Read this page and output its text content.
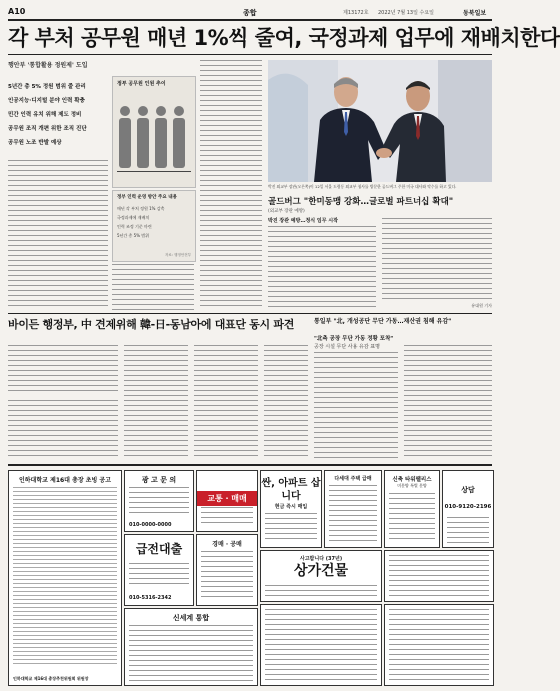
A10	종합	제13172호 2022년 7월 13일 수요일	동북일보
각 부처 공무원 매년 1%씩 줄여, 국정과제 업무에 재배치한다
행안부 '통합활용 정원제' 도입
5년간 총 5% 정원 범위 줄 관리
인공지능·디지털 분야 인력 확충
민간 인력 유치 위해 제도 정비
공무원 조직 개편 위한 조직 진단
공무원 노조 반발 예상
정부 공무원 인원 추이
정부 인력 운영 방안 주요 내용
매년 각 부처 정원 1% 감축
국정과제에 재배치
인력 조정 기준 마련
5년간 총 5% 범위
자료: 행정안전부
박진 외교부 장관(오른쪽)이 12일 서울 도렴동 외교부 청사를 방문한 골드버그 주한 미국 대사와 악수를 하고 있다.
골드버그 "한미동맹 강화…글로벌 파트너십 확대"
(외교부 장관 예방)
박진 장관 예방…정식 임무 시작
유대원 기자
바이든 행정부, 中 견제위해 韓-日-동남아에 대표단 동시 파견	통일부 "北, 개성공단 무단 가동…재산권 침해 유감"
"北측 공장 무단 가동 정황 포착"
공장 시설 무단 사용 유감 표명
인하대학교 제16대 총장 초빙 공고
인하대학교 제16대 총장추천위원회 위원장
광 고 문 의
010-0000-0000
교통 · 매매
싼, 아파트 삽니다
현금 즉시 매입
다세대 주택 급매	신축 타워팰리스
미분양 특별 분양
상담
010-9120-2196
급전대출
010-5316-2342
경매 · 공매
사고팝니다 (37년)
상가건물
신세계 통합
